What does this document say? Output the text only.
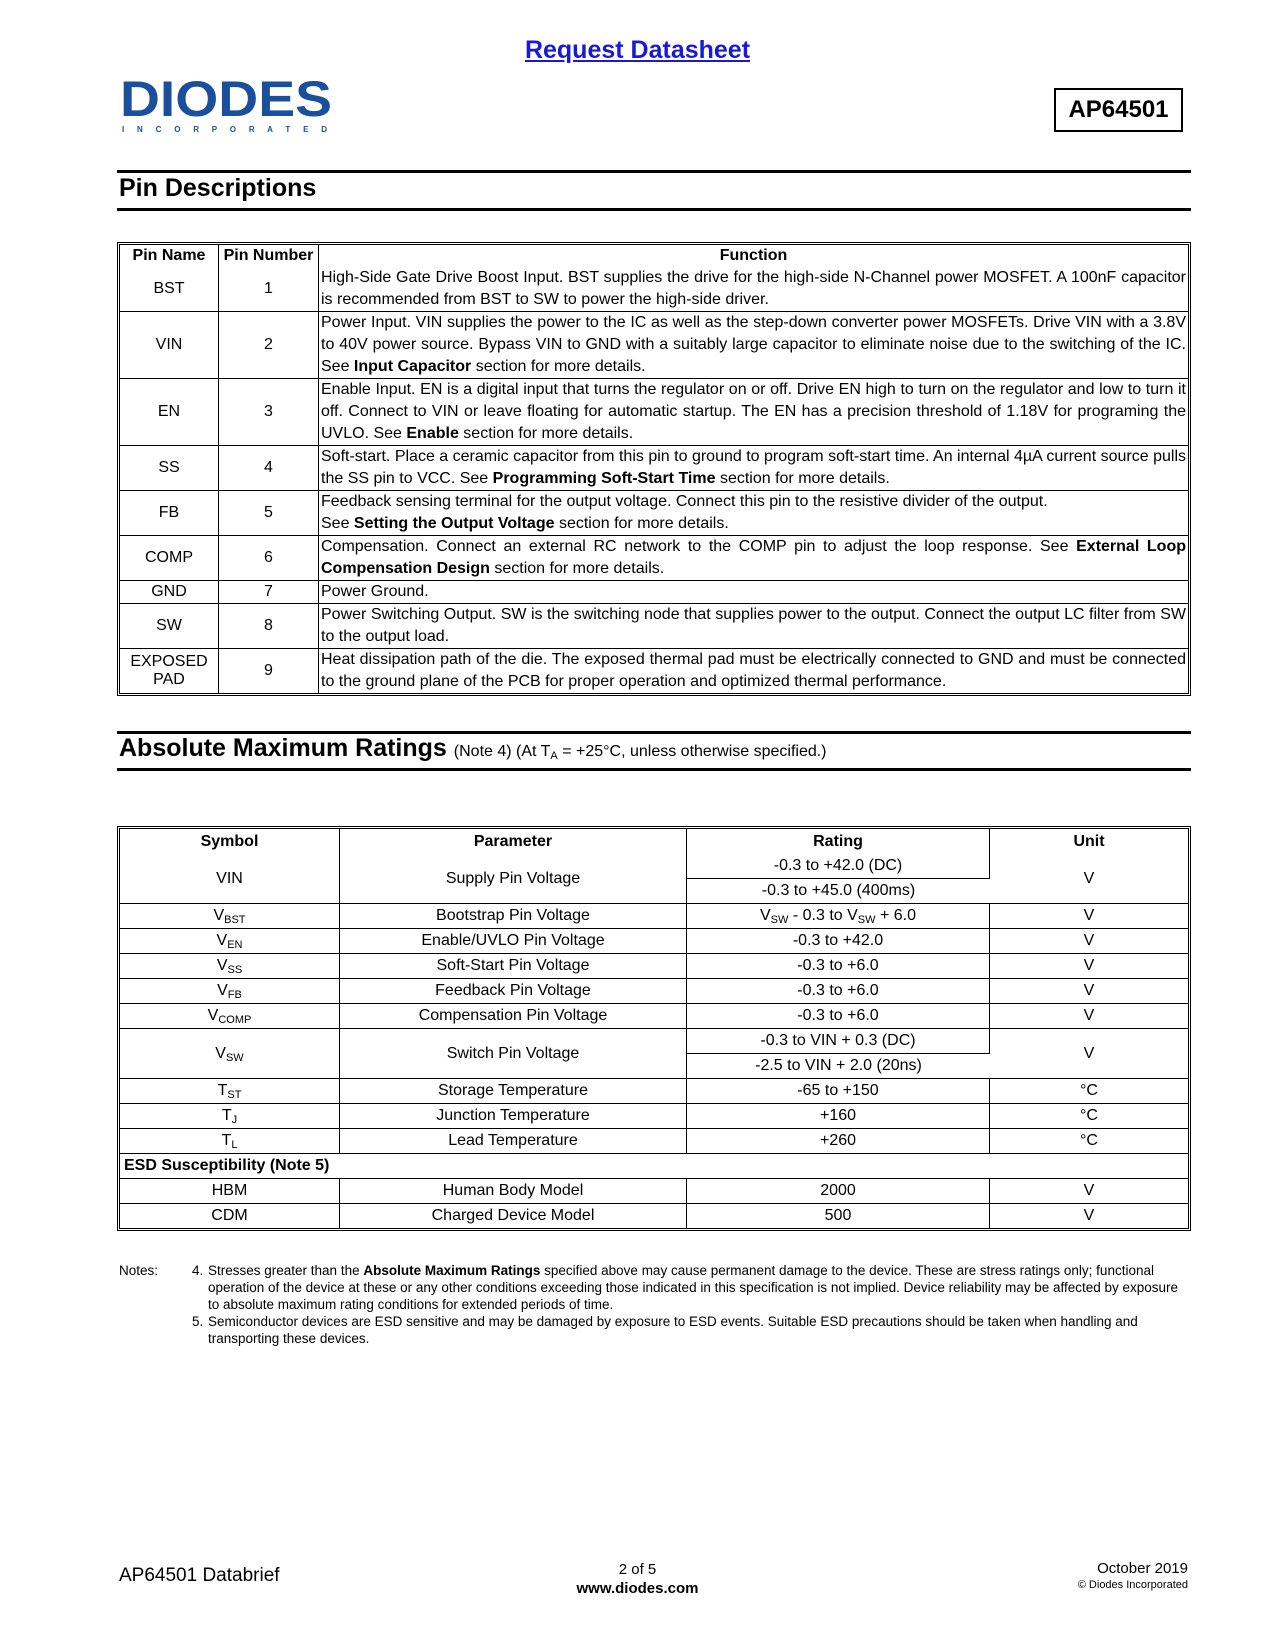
Request Datasheet
DIODES
I N C O R P O R A T E D
AP64501
Pin Descriptions
Pin Name	Pin Number	Function
BST	1	High-Side Gate Drive Boost Input. BST supplies the drive for the high-side N-Channel power MOSFET. A 100nF capacitor is recommended from BST to SW to power the high-side driver.
VIN	2	Power Input. VIN supplies the power to the IC as well as the step-down converter power MOSFETs. Drive VIN with a 3.8V to 40V power source. Bypass VIN to GND with a suitably large capacitor to eliminate noise due to the switching of the IC. See Input Capacitor section for more details.
EN	3	Enable Input. EN is a digital input that turns the regulator on or off. Drive EN high to turn on the regulator and low to turn it off. Connect to VIN or leave floating for automatic startup. The EN has a precision threshold of 1.18V for programing the UVLO. See Enable section for more details.
SS	4	Soft-start. Place a ceramic capacitor from this pin to ground to program soft-start time. An internal 4µA current source pulls the SS pin to VCC. See Programming Soft-Start Time section for more details.
FB	5	Feedback sensing terminal for the output voltage. Connect this pin to the resistive divider of the output.
See Setting the Output Voltage section for more details.
COMP	6	Compensation. Connect an external RC network to the COMP pin to adjust the loop response. See External Loop Compensation Design section for more details.
GND	7	Power Ground.
SW	8	Power Switching Output. SW is the switching node that supplies power to the output. Connect the output LC filter from SW to the output load.
EXPOSED PAD	9	Heat dissipation path of the die. The exposed thermal pad must be electrically connected to GND and must be connected to the ground plane of the PCB for proper operation and optimized thermal performance.
Absolute Maximum Ratings (Note 4) (At $T_A = +25^\circ C$, unless otherwise specified.)
Symbol	Parameter	Rating	Unit
VIN	Supply Pin Voltage	-0.3 to +42.0 (DC)	V
		-0.3 to +45.0 (400ms)	
$V_{BST}$	Bootstrap Pin Voltage	$V_{SW} - 0.3$ to $V_{SW} + 6.0$	V
$V_{EN}$	Enable/UVLO Pin Voltage	-0.3 to +42.0	V
$V_{SS}$	Soft-Start Pin Voltage	-0.3 to +6.0	V
$V_{FB}$	Feedback Pin Voltage	-0.3 to +6.0	V
$V_{COMP}$	Compensation Pin Voltage	-0.3 to +6.0	V
$V_{SW}$	Switch Pin Voltage	-0.3 to VIN + 0.3 (DC)	V
		-2.5 to VIN + 2.0 (20ns)	
$T_{ST}$	Storage Temperature	-65 to +150	°C
$T_J$	Junction Temperature	+160	°C
$T_L$	Lead Temperature	+260	°C
ESD Susceptibility (Note 5)			
HBM	Human Body Model	2000	V
CDM	Charged Device Model	500	V
Notes:	4. Stresses greater than the Absolute Maximum Ratings specified above may cause permanent damage to the device. These are stress ratings only; functional operation of the device at these or any other conditions exceeding those indicated in this specification is not implied. Device reliability may be affected by exposure to absolute maximum rating conditions for extended periods of time.
5. Semiconductor devices are ESD sensitive and may be damaged by exposure to ESD events. Suitable ESD precautions should be taken when handling and transporting these devices.
AP64501 Databrief	2 of 5
www.diodes.com
October 2019
© Diodes Incorporated
